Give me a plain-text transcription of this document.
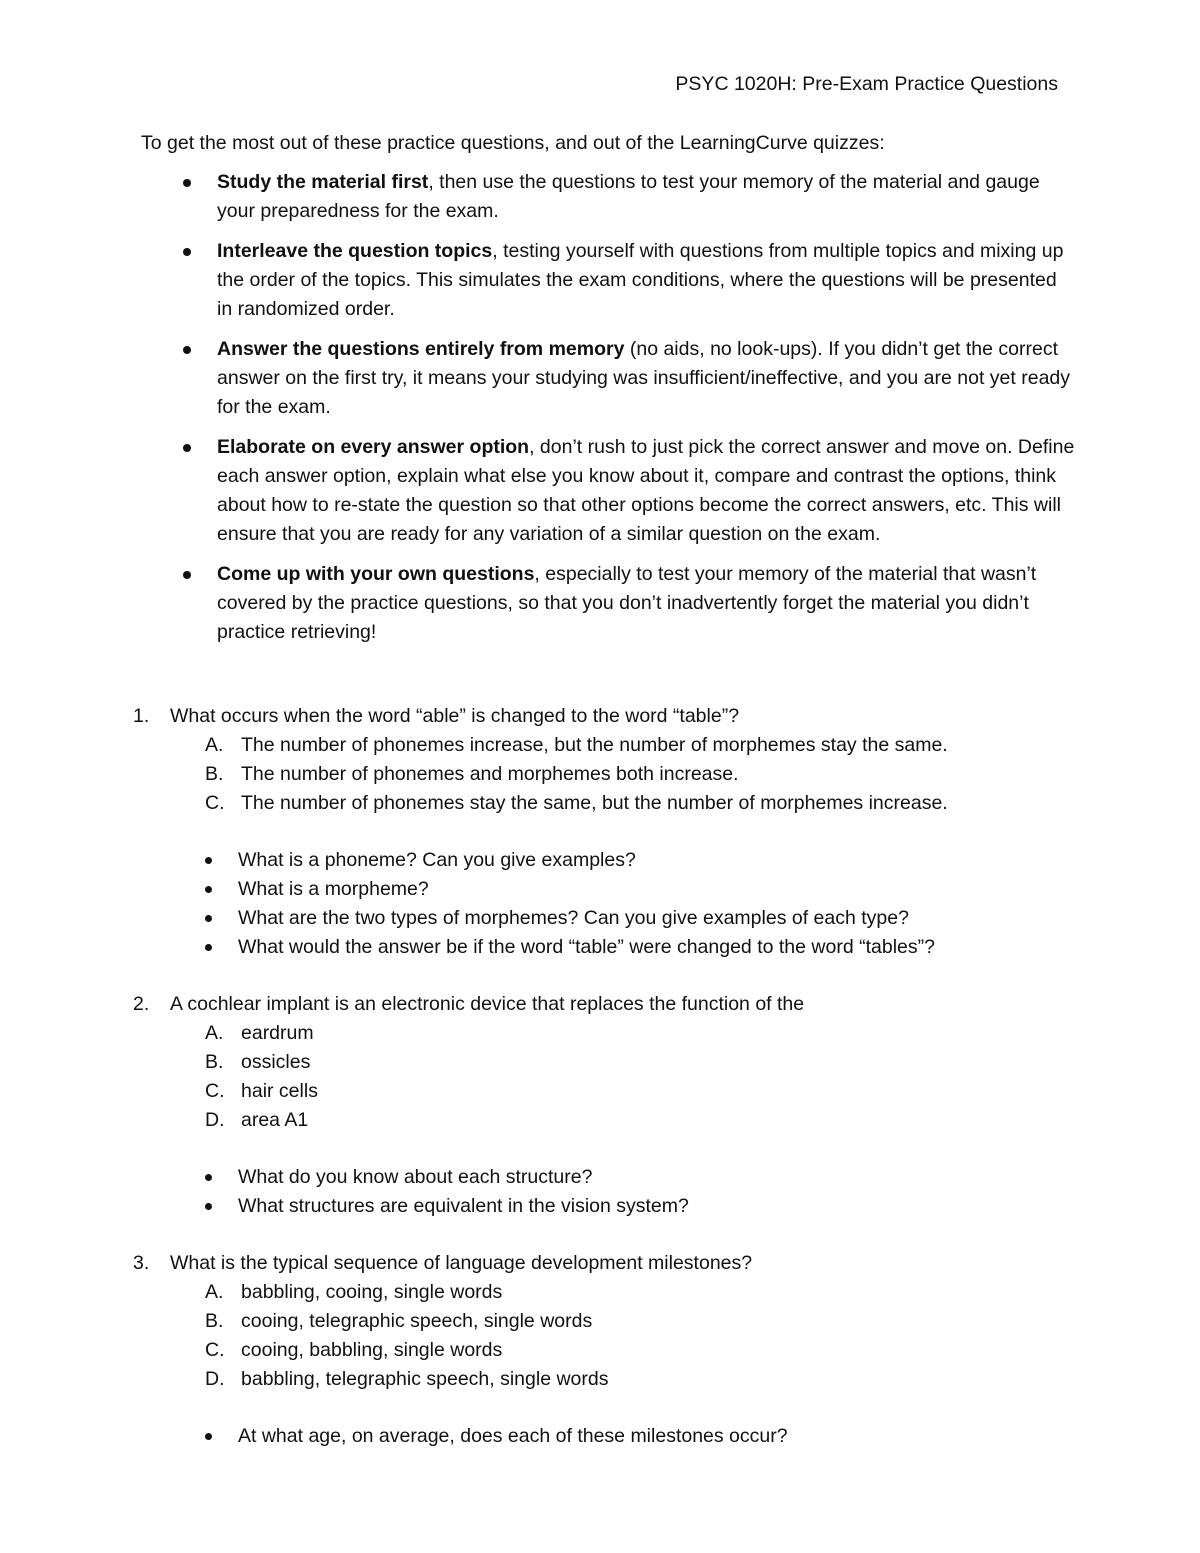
PSYC 1020H: Pre-Exam Practice Questions
To get the most out of these practice questions, and out of the LearningCurve quizzes:
Study the material first, then use the questions to test your memory of the material and gauge your preparedness for the exam.
Interleave the question topics, testing yourself with questions from multiple topics and mixing up the order of the topics. This simulates the exam conditions, where the questions will be presented in randomized order.
Answer the questions entirely from memory (no aids, no look-ups). If you didn’t get the correct answer on the first try, it means your studying was insufficient/ineffective, and you are not yet ready for the exam.
Elaborate on every answer option, don’t rush to just pick the correct answer and move on. Define each answer option, explain what else you know about it, compare and contrast the options, think about how to re-state the question so that other options become the correct answers, etc. This will ensure that you are ready for any variation of a similar question on the exam.
Come up with your own questions, especially to test your memory of the material that wasn’t covered by the practice questions, so that you don’t inadvertently forget the material you didn’t practice retrieving!
1. What occurs when the word “able” is changed to the word “table”?
A. The number of phonemes increase, but the number of morphemes stay the same.
B. The number of phonemes and morphemes both increase.
C. The number of phonemes stay the same, but the number of morphemes increase.
What is a phoneme? Can you give examples?
What is a morpheme?
What are the two types of morphemes? Can you give examples of each type?
What would the answer be if the word “table” were changed to the word “tables”?
2. A cochlear implant is an electronic device that replaces the function of the
A. eardrum
B. ossicles
C. hair cells
D. area A1
What do you know about each structure?
What structures are equivalent in the vision system?
3. What is the typical sequence of language development milestones?
A. babbling, cooing, single words
B. cooing, telegraphic speech, single words
C. cooing, babbling, single words
D. babbling, telegraphic speech, single words
At what age, on average, does each of these milestones occur?
